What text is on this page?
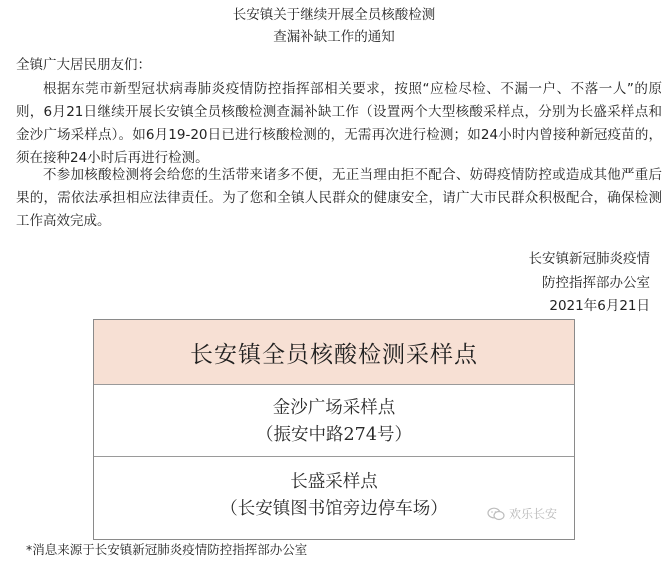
长安镇关于继续开展全员核酸检测
查漏补缺工作的通知
全镇广大居民朋友们：
根据东莞市新型冠状病毒肺炎疫情防控指挥部相关要求，按照“应检尽检、不漏一户、不落一人”的原则，6月21日继续开展长安镇全员核酸检测查漏补缺工作（设置两个大型核酸采样点，分别为长盛采样点和金沙广场采样点）。如6月19-20日已进行核酸检测的，无需再次进行检测；如24小时内曾接种新冠疫苗的，须在接种24小时后再进行检测。
不参加核酸检测将会给您的生活带来诸多不便，无正当理由拒不配合、妨碍疫情防控或造成其他严重后果的，需依法承担相应法律责任。为了您和全镇人民群众的健康安全，请广大市民群众积极配合，确保检测工作高效完成。
长安镇新冠肺炎疫情
防控指挥部办公室
2021年6月21日
长安镇全员核酸检测采样点
金沙广场采样点
（振安中路274号）
长盛采样点
（长安镇图书馆旁边停车场）	欢乐长安
*消息来源于长安镇新冠肺炎疫情防控指挥部办公室
